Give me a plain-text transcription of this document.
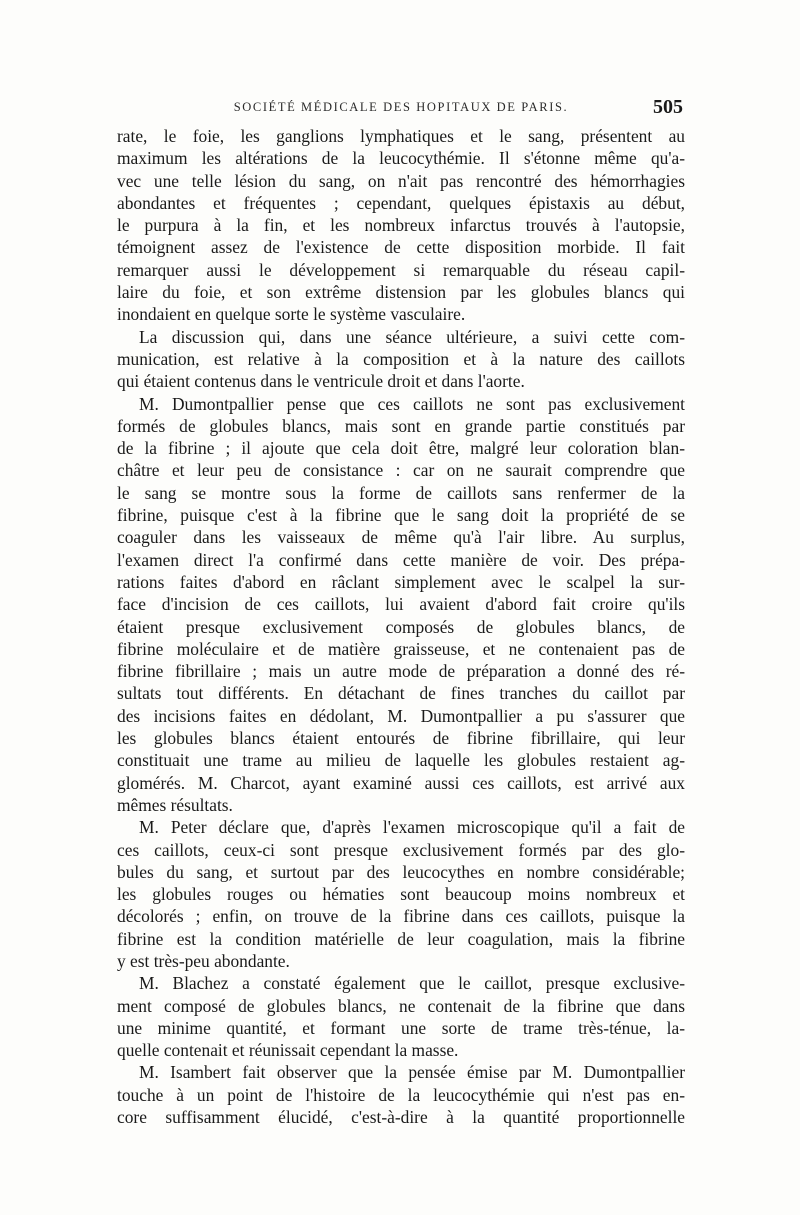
SOCIÉTÉ MÉDICALE DES HOPITAUX DE PARIS.	505

rate, le foie, les ganglions lymphatiques et le sang, présentent au
maximum les altérations de la leucocythémie. Il s'étonne même qu'a-
vec une telle lésion du sang, on n'ait pas rencontré des hémorrhagies
abondantes et fréquentes ; cependant, quelques épistaxis au début,
le purpura à la fin, et les nombreux infarctus trouvés à l'autopsie,
témoignent assez de l'existence de cette disposition morbide. Il fait
remarquer aussi le développement si remarquable du réseau capil-
laire du foie, et son extrême distension par les globules blancs qui
inondaient en quelque sorte le système vasculaire.

La discussion qui, dans une séance ultérieure, a suivi cette com-
munication, est relative à la composition et à la nature des caillots
qui étaient contenus dans le ventricule droit et dans l'aorte.

M. Dumontpallier pense que ces caillots ne sont pas exclusivement
formés de globules blancs, mais sont en grande partie constitués par
de la fibrine ; il ajoute que cela doit être, malgré leur coloration blan-
châtre et leur peu de consistance : car on ne saurait comprendre que
le sang se montre sous la forme de caillots sans renfermer de la
fibrine, puisque c'est à la fibrine que le sang doit la propriété de se
coaguler dans les vaisseaux de même qu'à l'air libre. Au surplus,
l'examen direct l'a confirmé dans cette manière de voir. Des prépa-
rations faites d'abord en râclant simplement avec le scalpel la sur-
face d'incision de ces caillots, lui avaient d'abord fait croire qu'ils
étaient presque exclusivement composés de globules blancs, de
fibrine moléculaire et de matière graisseuse, et ne contenaient pas de
fibrine fibrillaire ; mais un autre mode de préparation a donné des ré-
sultats tout différents. En détachant de fines tranches du caillot par
des incisions faites en dédolant, M. Dumontpallier a pu s'assurer que
les globules blancs étaient entourés de fibrine fibrillaire, qui leur
constituait une trame au milieu de laquelle les globules restaient ag-
glomérés. M. Charcot, ayant examiné aussi ces caillots, est arrivé aux
mêmes résultats.

M. Peter déclare que, d'après l'examen microscopique qu'il a fait de
ces caillots, ceux-ci sont presque exclusivement formés par des glo-
bules du sang, et surtout par des leucocythes en nombre considérable;
les globules rouges ou hématies sont beaucoup moins nombreux et
décolorés ; enfin, on trouve de la fibrine dans ces caillots, puisque la
fibrine est la condition matérielle de leur coagulation, mais la fibrine
y est très-peu abondante.

M. Blachez a constaté également que le caillot, presque exclusive-
ment composé de globules blancs, ne contenait de la fibrine que dans
une minime quantité, et formant une sorte de trame très-ténue, la-
quelle contenait et réunissait cependant la masse.

M. Isambert fait observer que la pensée émise par M. Dumontpallier
touche à un point de l'histoire de la leucocythémie qui n'est pas en-
core suffisamment élucidé, c'est-à-dire à la quantité proportionnelle
